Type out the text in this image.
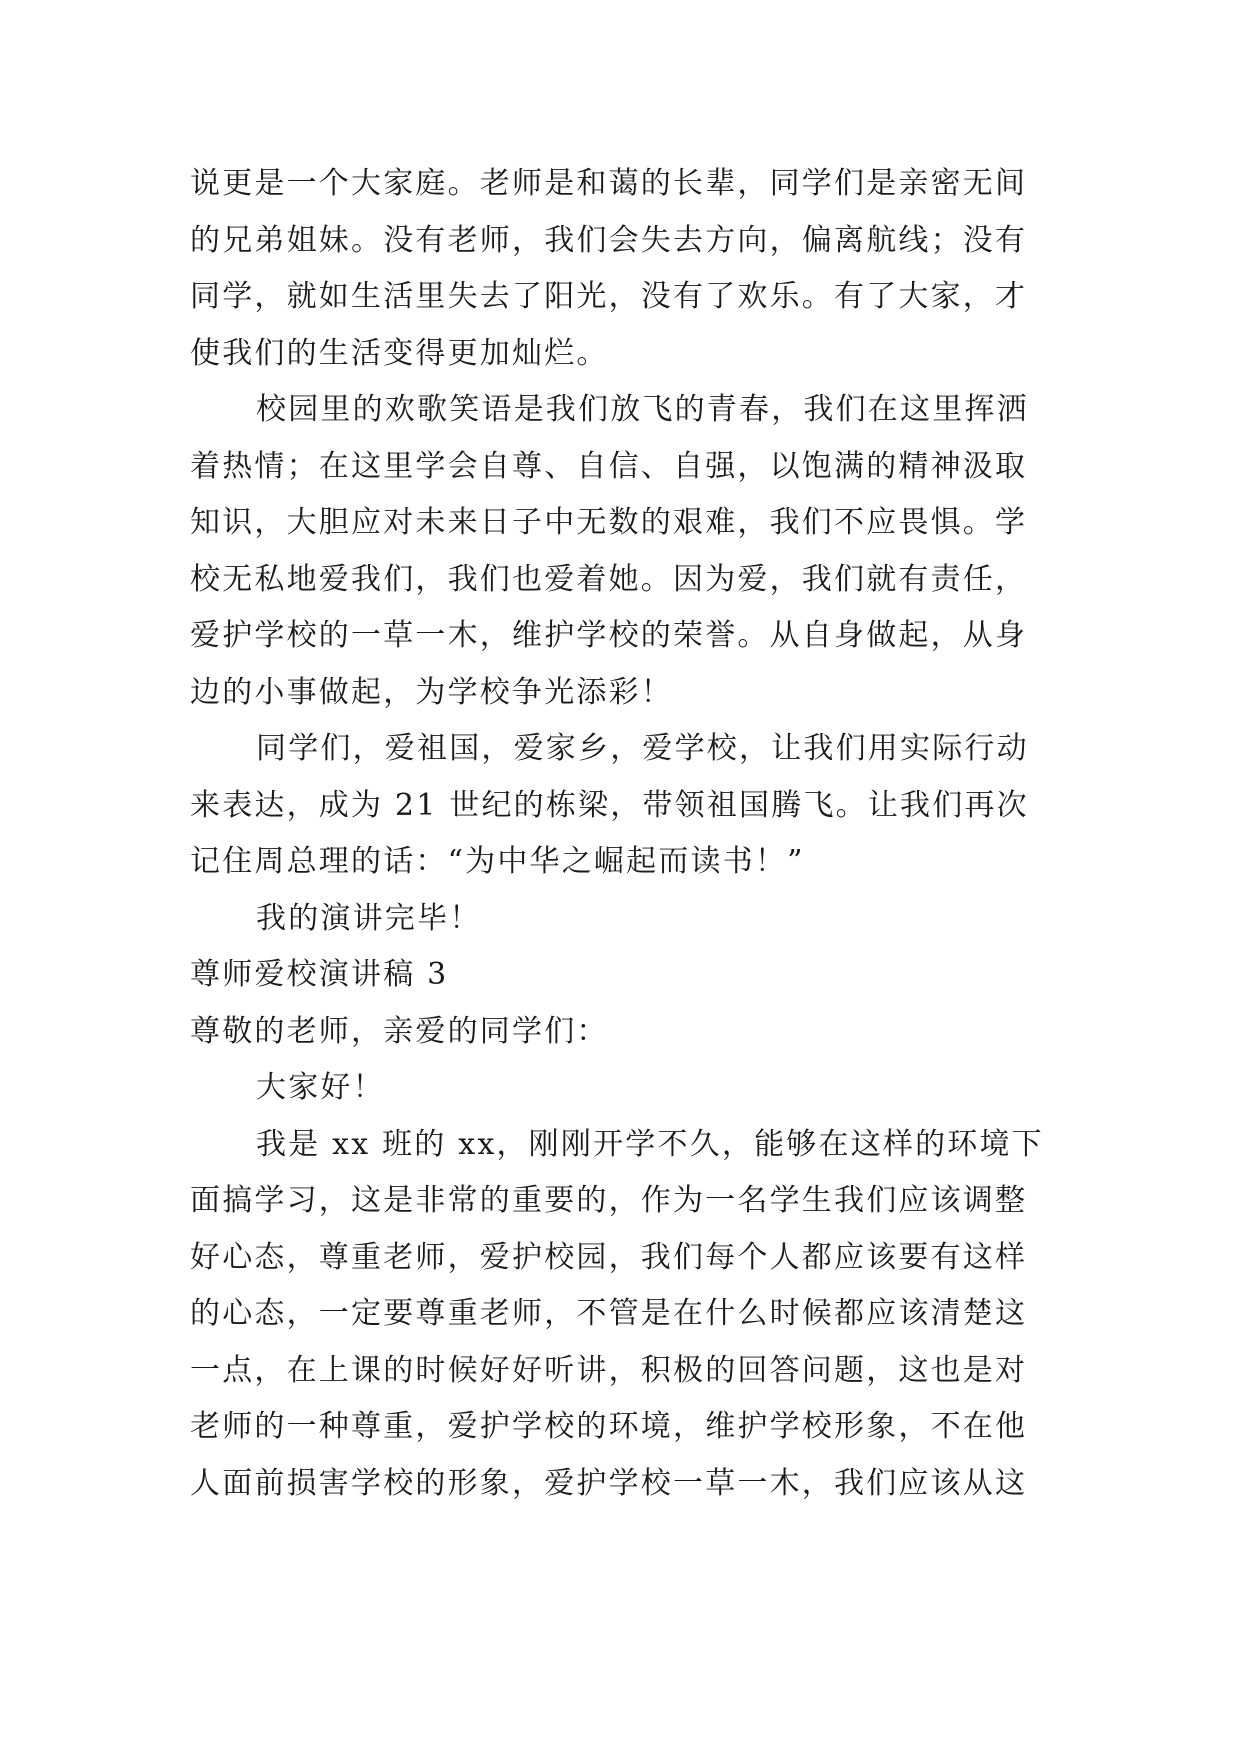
说更是一个大家庭。老师是和蔼的长辈，同学们是亲密无间
的兄弟姐妹。没有老师，我们会失去方向，偏离航线；没有
同学，就如生活里失去了阳光，没有了欢乐。有了大家，才
使我们的生活变得更加灿烂。
校园里的欢歌笑语是我们放飞的青春，我们在这里挥洒
着热情；在这里学会自尊、自信、自强，以饱满的精神汲取
知识，大胆应对未来日子中无数的艰难，我们不应畏惧。学
校无私地爱我们，我们也爱着她。因为爱，我们就有责任，
爱护学校的一草一木，维护学校的荣誉。从自身做起，从身
边的小事做起，为学校争光添彩！
同学们，爱祖国，爱家乡，爱学校，让我们用实际行动
来表达，成为 21 世纪的栋梁，带领祖国腾飞。让我们再次
记住周总理的话：“为中华之崛起而读书！”
我的演讲完毕！
尊师爱校演讲稿 3
尊敬的老师，亲爱的同学们：
大家好！
我是 xx 班的 xx，刚刚开学不久，能够在这样的环境下
面搞学习，这是非常的重要的，作为一名学生我们应该调整
好心态，尊重老师，爱护校园，我们每个人都应该要有这样
的心态，一定要尊重老师，不管是在什么时候都应该清楚这
一点，在上课的时候好好听讲，积极的回答问题，这也是对
老师的一种尊重，爱护学校的环境，维护学校形象，不在他
人面前损害学校的形象，爱护学校一草一木，我们应该从这
